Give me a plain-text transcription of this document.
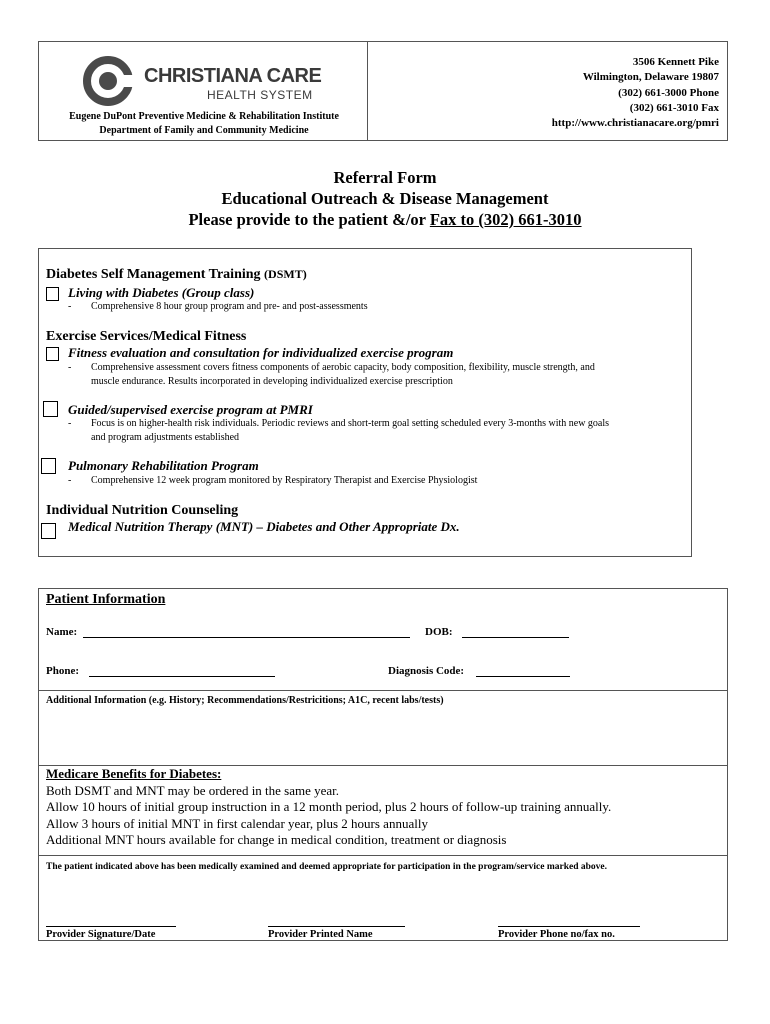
CHRISTIANA CARE
HEALTH SYSTEM
Eugene DuPont Preventive Medicine & Rehabilitation Institute
Department of Family and Community Medicine
3506 Kennett Pike
Wilmington, Delaware 19807
(302) 661-3000 Phone
(302) 661-3010 Fax
http://www.christianacare.org/pmri
Referral Form
Educational Outreach & Disease Management
Please provide to the patient &/or Fax to (302) 661-3010
Diabetes Self Management Training (DSMT)
Living with Diabetes (Group class)
- Comprehensive 8 hour group program and pre- and post-assessments
Exercise Services/Medical Fitness
Fitness evaluation and consultation for individualized exercise program
- Comprehensive assessment covers fitness components of aerobic capacity, body composition, flexibility, muscle strength, and
muscle endurance. Results incorporated in developing individualized exercise prescription
Guided/supervised exercise program at PMRI
- Focus is on higher-health risk individuals. Periodic reviews and short-term goal setting scheduled every 3-months with new goals
and program adjustments established
Pulmonary Rehabilitation Program
- Comprehensive 12 week program monitored by Respiratory Therapist and Exercise Physiologist
Individual Nutrition Counseling
Medical Nutrition Therapy (MNT) – Diabetes and Other Appropriate Dx.
Patient Information
Name:	DOB:
Phone:	Diagnosis Code:
Additional Information (e.g. History; Recommendations/Restricitions; A1C, recent labs/tests)
Medicare Benefits for Diabetes:
Both DSMT and MNT may be ordered in the same year.
Allow 10 hours of initial group instruction in a 12 month period, plus 2 hours of follow-up training annually.
Allow 3 hours of initial MNT in first calendar year, plus 2 hours annually
Additional MNT hours available for change in medical condition, treatment or diagnosis
The patient indicated above has been medically examined and deemed appropriate for participation in the program/service marked above.
Provider Signature/Date	Provider Printed Name	Provider Phone no/fax no.
